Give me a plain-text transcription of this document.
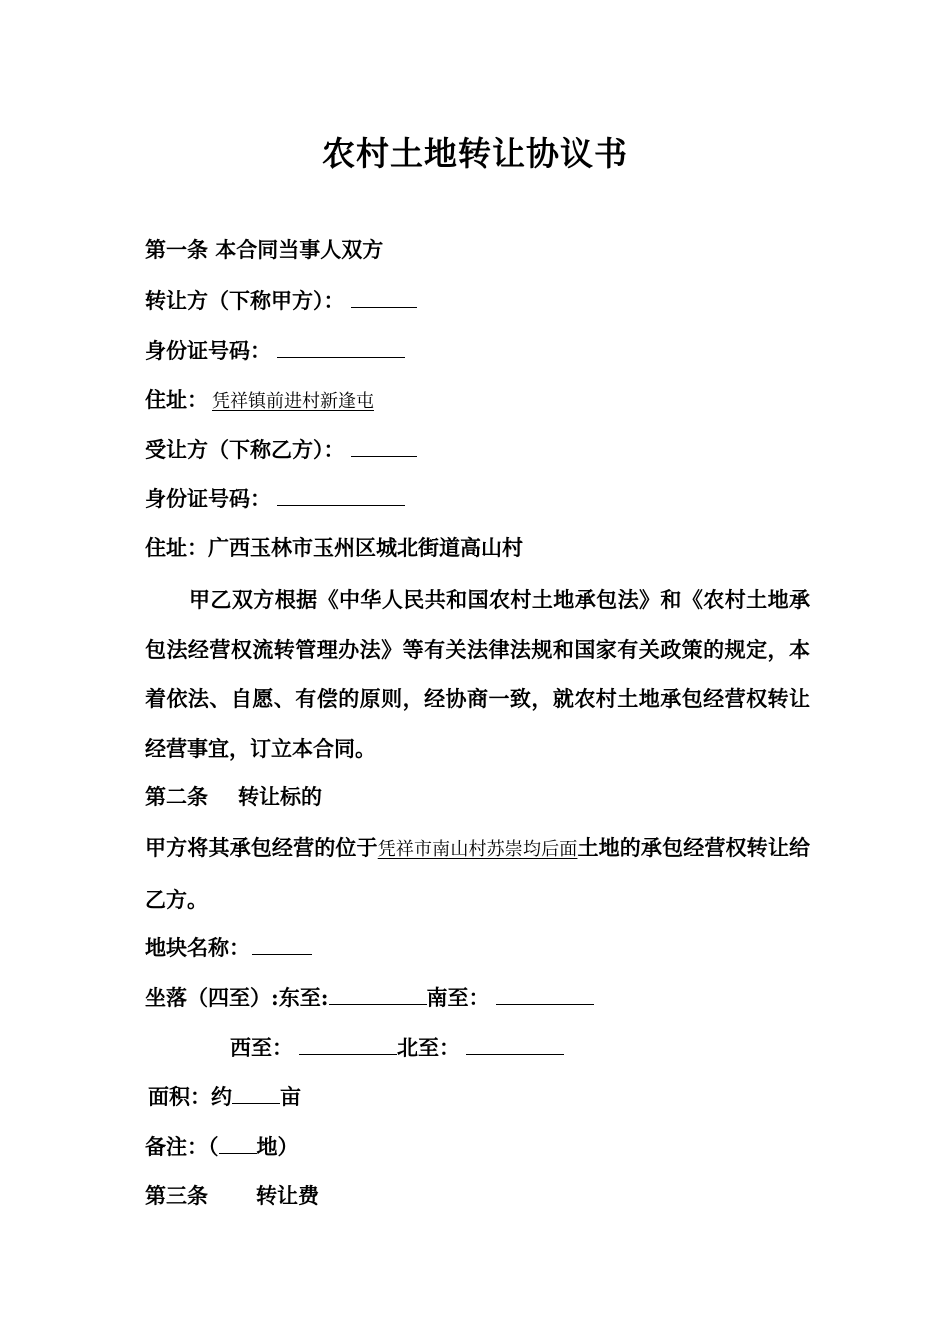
农村土地转让协议书
第一条 本合同当事人双方
转让方（下称甲方）：
身份证号码：
住址： 凭祥镇前进村新逢屯
受让方（下称乙方）：
身份证号码：
住址：广西玉林市玉州区城北街道高山村
甲乙双方根据《中华人民共和国农村土地承包法》和《农村土地承包法经营权流转管理办法》等有关法律法规和国家有关政策的规定，本着依法、自愿、有偿的原则，经协商一致，就农村土地承包经营权转让经营事宜，订立本合同。
第二条 转让标的
甲方将其承包经营的位于凭祥市南山村苏崇均后面土地的承包经营权转让给乙方。
地块名称：
坐落（四至）:东至:	南至：
西至：	北至：
面积：约 亩
备注：（ 地）
第三条 转让费
